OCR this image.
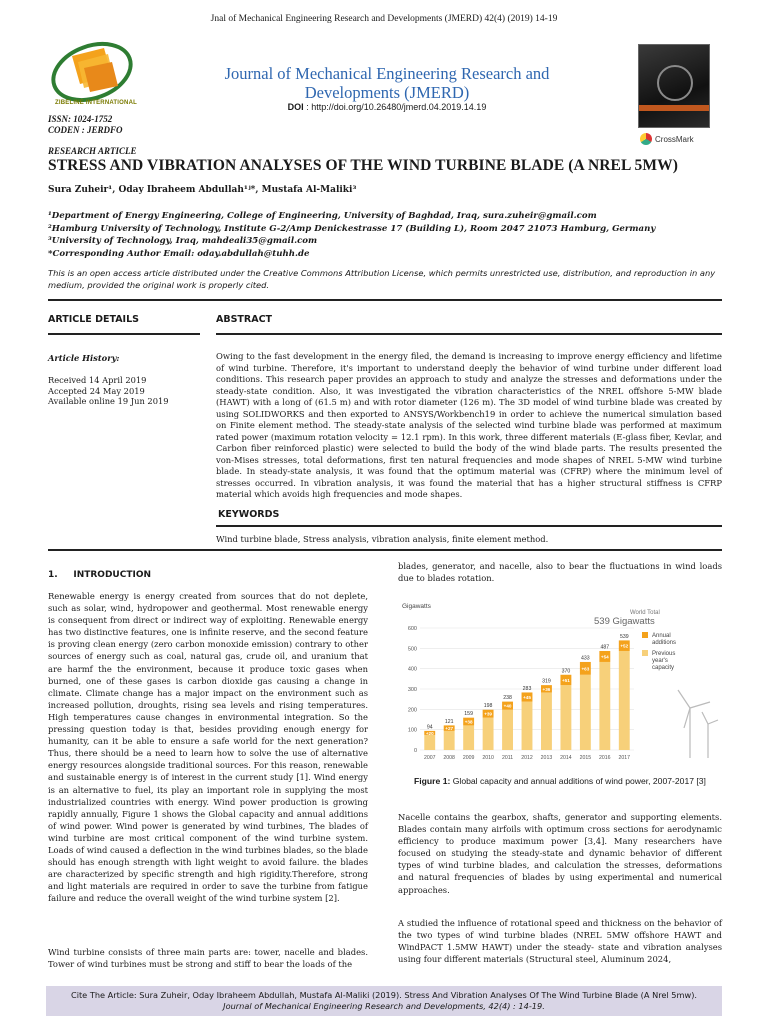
Jnal of Mechanical Engineering Research and Developments (JMERD) 42(4) (2019) 14-19
ZIBELINE INTERNATIONAL
ISSN: 1024-1752
CODEN : JERDFO
Journal of Mechanical Engineering Research and Developments (JMERD)
DOI : http://doi.org/10.26480/jmerd.04.2019.14.19
CrossMark
RESEARCH ARTICLE
STRESS AND VIBRATION ANALYSES OF THE WIND TURBINE BLADE (A NREL 5MW)
Sura Zuheir¹, Oday Ibraheem Abdullah¹ʲ*, Mustafa Al-Maliki³
¹Department of Energy Engineering, College of Engineering, University of Baghdad, Iraq, sura.zuheir@gmail.com
²Hamburg University of Technology, Institute G-2/Amp Denickestrasse 17 (Building L), Room 2047 21073 Hamburg, Germany
³University of Technology, Iraq, mahdeali35@gmail.com
*Corresponding Author Email: oday.abdullah@tuhh.de
This is an open access article distributed under the Creative Commons Attribution License, which permits unrestricted use, distribution, and reproduction in any medium, provided the original work is properly cited.
ARTICLE DETAILS
Article History:
Received 14 April 2019
Accepted 24 May 2019
Available online 19 Jun 2019
ABSTRACT
Owing to the fast development in the energy filed, the demand is increasing to improve energy efficiency and lifetime of wind turbine. Therefore, it's important to understand deeply the behavior of wind turbine under different load conditions. This research paper provides an approach to study and analyze the stresses and deformations under the steady-state condition. Also, it was investigated the vibration characteristics of the NREL offshore 5-MW blade (HAWT) with a long of (61.5 m) and with rotor diameter (126 m). The 3D model of wind turbine blade was created by using SOLIDWORKS and then exported to ANSYS/Workbench19 in order to achieve the numerical simulation based on Finite element method. The steady-state analysis of the selected wind turbine blade was performed at maximum rated power (maximum rotation velocity = 12.1 rpm). In this work, three different materials (E-glass fiber, Kevlar, and Carbon fiber reinforced plastic) were selected to build the body of the wind blade parts. The results presented the von-Mises stresses, total deformations, first ten natural frequencies and mode shapes of NREL 5-MW wind turbine blade. In steady-state analysis, it was found that the optimum material was (CFRP) where the minimum level of stresses occurred. In vibration analysis, it was found the material that has a higher structural stiffness is CFRP material which avoids high frequencies and mode shapes.
KEYWORDS
Wind turbine blade, Stress analysis, vibration analysis, finite element method.
1.     INTRODUCTION
Renewable energy is energy created from sources that do not deplete, such as solar, wind, hydropower and geothermal. Most renewable energy is consequent from direct or indirect way of exploiting. Renewable energy has two distinctive features, one is infinite reserve, and the second feature is proving clean energy (zero carbon monoxide emission) contrary to other sources of energy such as coal, natural gas, crude oil, and uranium that are harmf the the environment, because it produce toxic gases when burned, one of these gases is carbon dioxide gas causing a change in climate. Climate change has a major impact on the environment such as increased pollution, droughts, rising sea levels and rising temperatures. High temperatures cause changes in environmental integration. So the pressing question today is that, besides providing enough energy for humanity, can it be able to ensure a safe world for the next generation? Thus, there should be a need to learn how to solve the use of alternative energy resources alongside traditional sources. For this reason, renewable and sustainable energy is of interest in the current study [1]. Wind energy is an alternative to fuel, its play an important role in supplying the most industrialized countries with energy. Wind power production is growing rapidly annually, Figure 1 shows the Global capacity and annual additions of wind power. Wind power is generated by wind turbines, The blades of wind turbine are most critical component of the wind turbine system. Loads of wind caused a deflection in the wind turbines blades, so the blade should has enough strength with light weight to avoid failure. the blades are characterized by specific strength and high rigidity.Therefore, strong and light materials are required in order to save the turbine from fatigue failure and reduce the overall weight of the wind turbine system [2].
Wind turbine consists of three main parts are: tower, nacelle and blades. Tower of wind turbines must be strong and stiff to bear the loads of the
blades, generator, and nacelle, also to bear the fluctuations in wind loads due to blades rotation.
0
100
200
300
400
500
600
+20
94	+27
121 +38
159 +39
198 +40
238 +45
283 +36
319 +51
370 +63
433 +54
487 +52
539
2007 2008 2009 2010 2011 2012 2013 2014 2015 2016 2017
Gigawatts
World Total
539 Gigawatts
Annual additions
Previous year's capacity
Figure 1: Global capacity and annual additions of wind power, 2007-2017 [3]
Nacelle contains the gearbox, shafts, generator and supporting elements. Blades contain many airfoils with optimum cross sections for aerodynamic efficiency to produce maximum power [3,4]. Many researchers have focused on studying the steady-state and dynamic behavior of different types of wind turbine blades, and calculation the stresses, deformations and natural frequencies of blades by using experimental and numerical approaches.
A studied the influence of rotational speed and thickness on the behavior of the two types of wind turbine blades (NREL 5MW offshore HAWT and WindPACT 1.5MW HAWT) under the steady- state and vibration analyses using four different materials (Structural steel, Aluminum 2024,
Cite The Article: Sura Zuheir, Oday Ibraheem Abdullah, Mustafa Al-Maliki (2019). Stress And Vibration Analyses Of The Wind Turbine Blade (A Nrel 5mw).
Journal of Mechanical Engineering Research and Developments, 42(4) : 14-19.
